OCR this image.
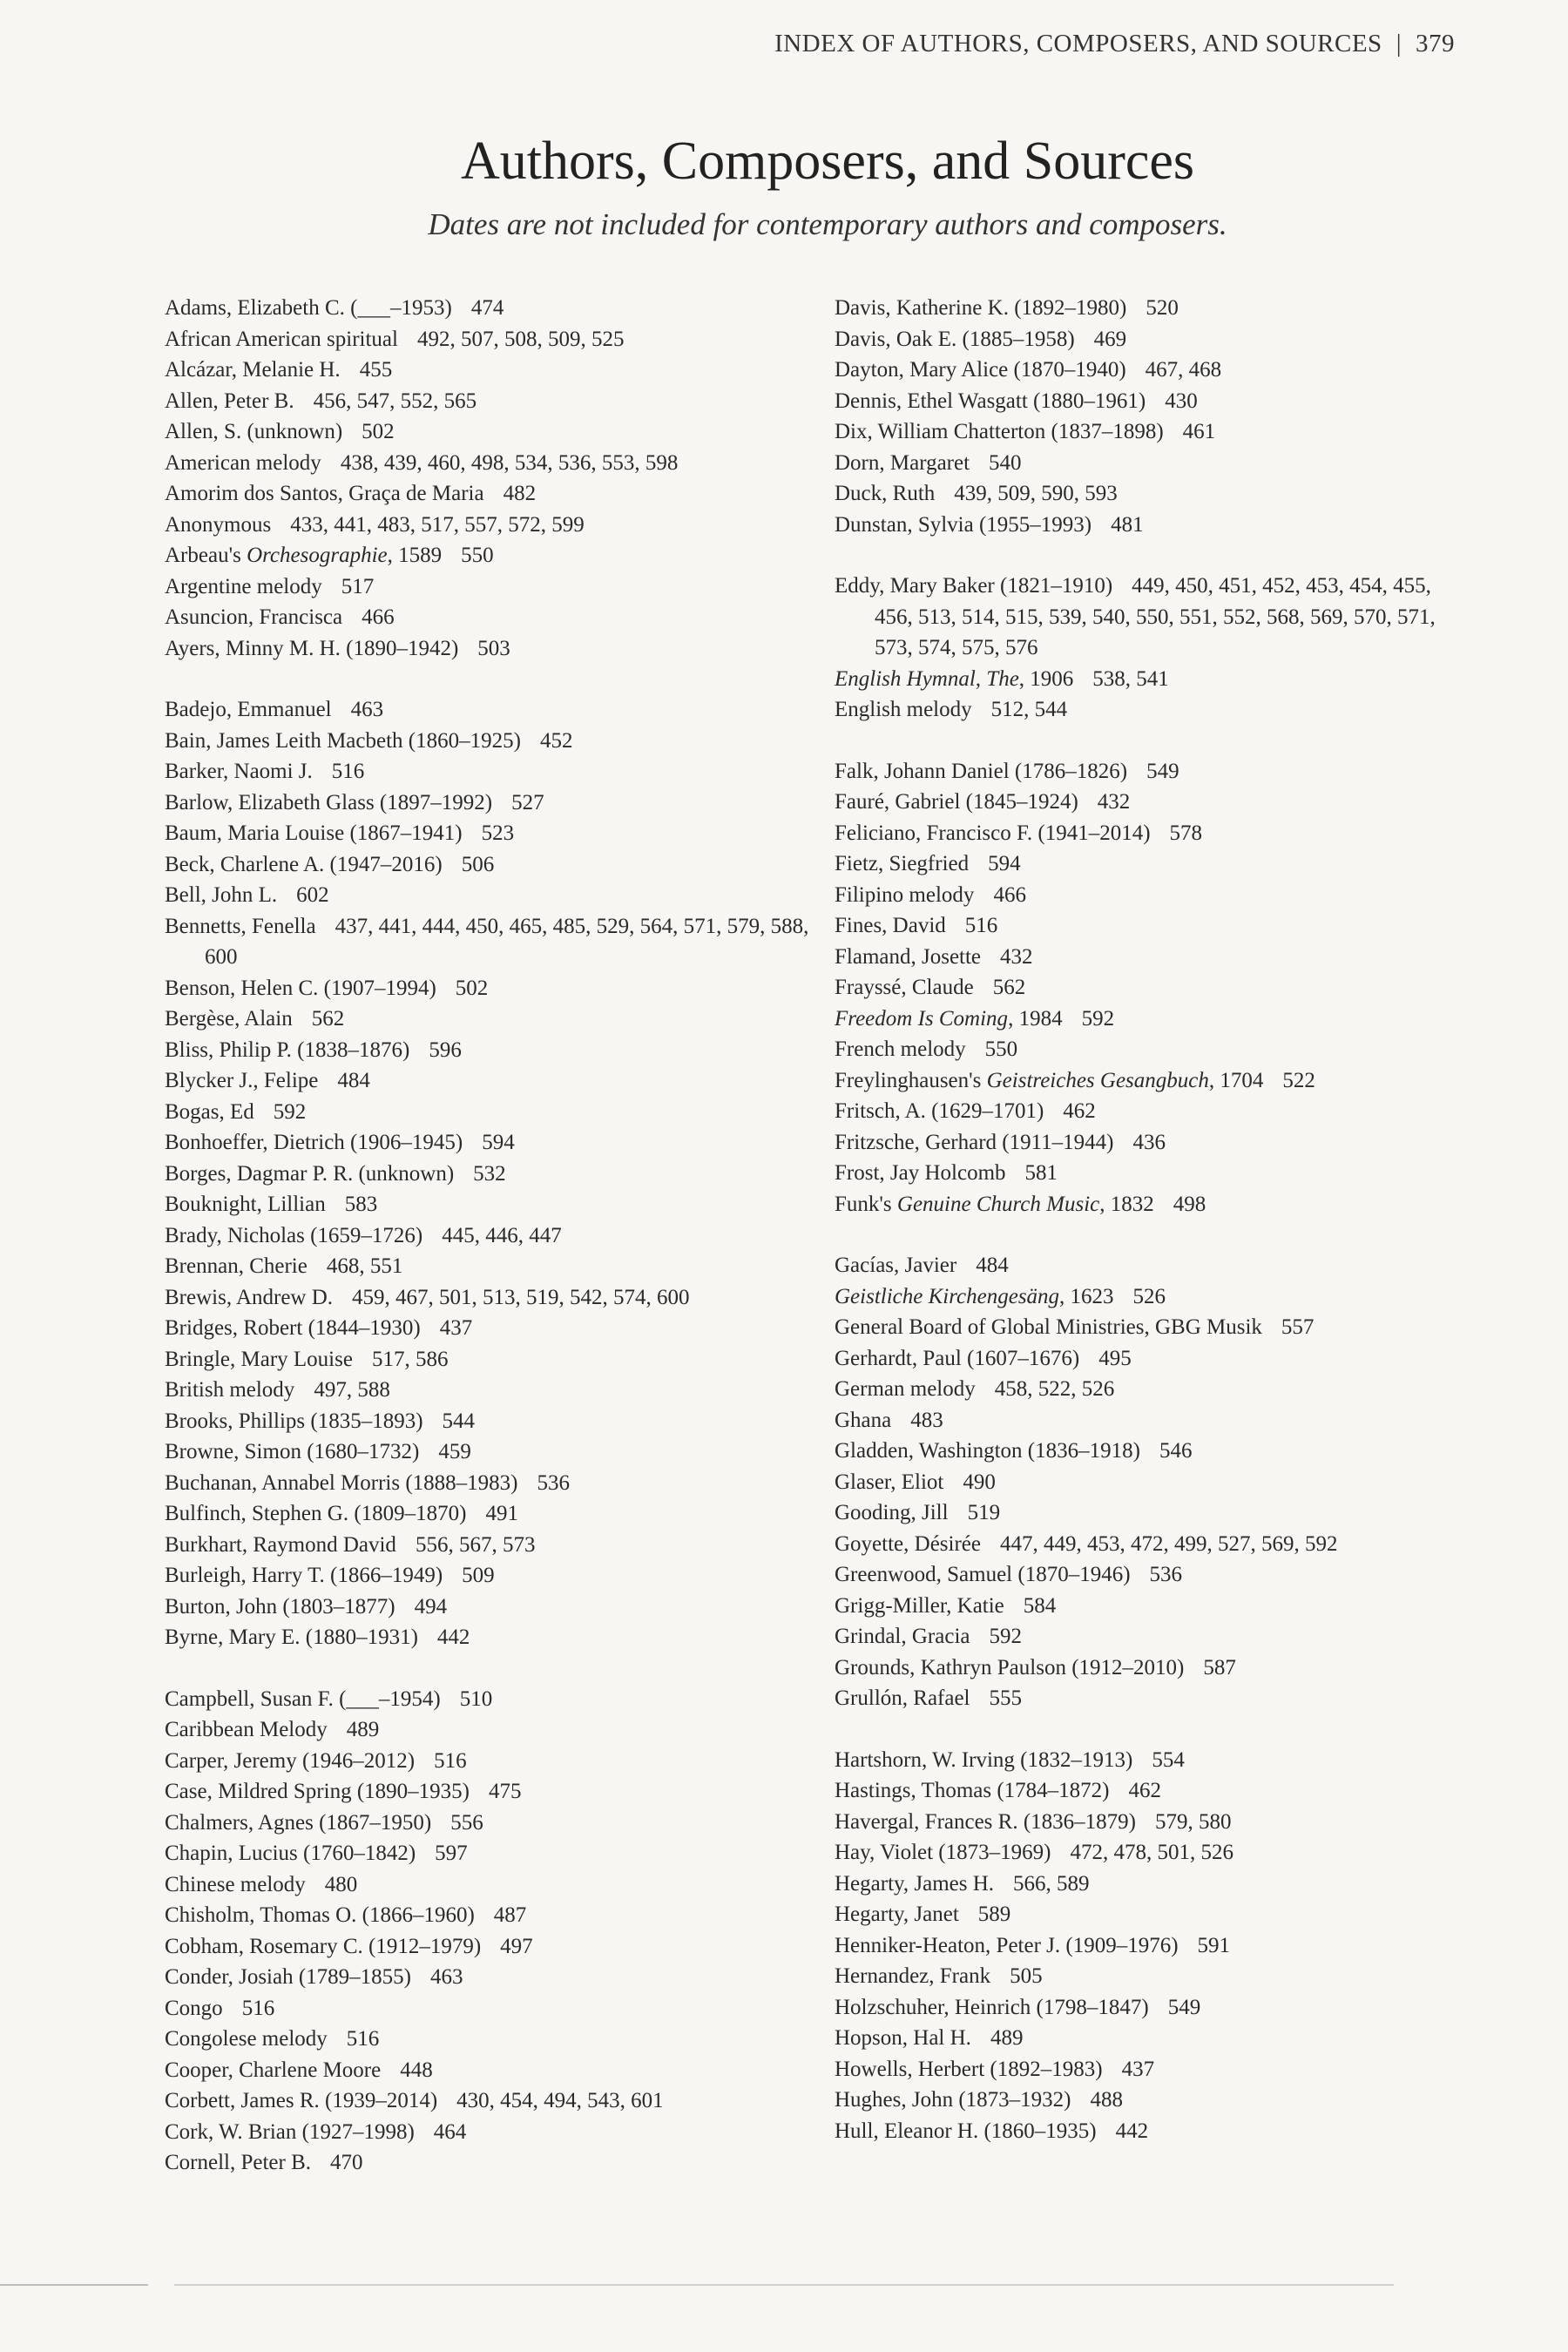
INDEX OF AUTHORS, COMPOSERS, AND SOURCES | 379
Authors, Composers, and Sources
Dates are not included for contemporary authors and composers.
Adams, Elizabeth C. (___–1953) 474
African American spiritual 492, 507, 508, 509, 525
Alcázar, Melanie H. 455
Allen, Peter B. 456, 547, 552, 565
Allen, S. (unknown) 502
American melody 438, 439, 460, 498, 534, 536, 553, 598
Amorim dos Santos, Graça de Maria 482
Anonymous 433, 441, 483, 517, 557, 572, 599
Arbeau's Orchesographie, 1589 550
Argentine melody 517
Asuncion, Francisca 466
Ayers, Minny M. H. (1890–1942) 503
Badejo, Emmanuel 463
Bain, James Leith Macbeth (1860–1925) 452
Barker, Naomi J. 516
Barlow, Elizabeth Glass (1897–1992) 527
Baum, Maria Louise (1867–1941) 523
Beck, Charlene A. (1947–2016) 506
Bell, John L. 602
Bennetts, Fenella 437, 441, 444, 450, 465, 485, 529, 564, 571, 579, 588, 600
Benson, Helen C. (1907–1994) 502
Bergèse, Alain 562
Bliss, Philip P. (1838–1876) 596
Blycker J., Felipe 484
Bogas, Ed 592
Bonhoeffer, Dietrich (1906–1945) 594
Borges, Dagmar P. R. (unknown) 532
Bouknight, Lillian 583
Brady, Nicholas (1659–1726) 445, 446, 447
Brennan, Cherie 468, 551
Brewis, Andrew D. 459, 467, 501, 513, 519, 542, 574, 600
Bridges, Robert (1844–1930) 437
Bringle, Mary Louise 517, 586
British melody 497, 588
Brooks, Phillips (1835–1893) 544
Browne, Simon (1680–1732) 459
Buchanan, Annabel Morris (1888–1983) 536
Bulfinch, Stephen G. (1809–1870) 491
Burkhart, Raymond David 556, 567, 573
Burleigh, Harry T. (1866–1949) 509
Burton, John (1803–1877) 494
Byrne, Mary E. (1880–1931) 442
Campbell, Susan F. (___–1954) 510
Caribbean Melody 489
Carper, Jeremy (1946–2012) 516
Case, Mildred Spring (1890–1935) 475
Chalmers, Agnes (1867–1950) 556
Chapin, Lucius (1760–1842) 597
Chinese melody 480
Chisholm, Thomas O. (1866–1960) 487
Cobham, Rosemary C. (1912–1979) 497
Conder, Josiah (1789–1855) 463
Congo 516
Congolese melody 516
Cooper, Charlene Moore 448
Corbett, James R. (1939–2014) 430, 454, 494, 543, 601
Cork, W. Brian (1927–1998) 464
Cornell, Peter B. 470
Davis, Katherine K. (1892–1980) 520
Davis, Oak E. (1885–1958) 469
Dayton, Mary Alice (1870–1940) 467, 468
Dennis, Ethel Wasgatt (1880–1961) 430
Dix, William Chatterton (1837–1898) 461
Dorn, Margaret 540
Duck, Ruth 439, 509, 590, 593
Dunstan, Sylvia (1955–1993) 481
Eddy, Mary Baker (1821–1910) 449, 450, 451, 452, 453, 454, 455, 456, 513, 514, 515, 539, 540, 550, 551, 552, 568, 569, 570, 571, 573, 574, 575, 576
English Hymnal, The, 1906 538, 541
English melody 512, 544
Falk, Johann Daniel (1786–1826) 549
Fauré, Gabriel (1845–1924) 432
Feliciano, Francisco F. (1941–2014) 578
Fietz, Siegfried 594
Filipino melody 466
Fines, David 516
Flamand, Josette 432
Frayssé, Claude 562
Freedom Is Coming, 1984 592
French melody 550
Freylinghausen's Geistreiches Gesangbuch, 1704 522
Fritsch, A. (1629–1701) 462
Fritzsche, Gerhard (1911–1944) 436
Frost, Jay Holcomb 581
Funk's Genuine Church Music, 1832 498
Gacías, Javier 484
Geistliche Kirchengesäng, 1623 526
General Board of Global Ministries, GBG Musik 557
Gerhardt, Paul (1607–1676) 495
German melody 458, 522, 526
Ghana 483
Gladden, Washington (1836–1918) 546
Glaser, Eliot 490
Gooding, Jill 519
Goyette, Désirée 447, 449, 453, 472, 499, 527, 569, 592
Greenwood, Samuel (1870–1946) 536
Grigg-Miller, Katie 584
Grindal, Gracia 592
Grounds, Kathryn Paulson (1912–2010) 587
Grullón, Rafael 555
Hartshorn, W. Irving (1832–1913) 554
Hastings, Thomas (1784–1872) 462
Havergal, Frances R. (1836–1879) 579, 580
Hay, Violet (1873–1969) 472, 478, 501, 526
Hegarty, James H. 566, 589
Hegarty, Janet 589
Henniker-Heaton, Peter J. (1909–1976) 591
Hernandez, Frank 505
Holzschuher, Heinrich (1798–1847) 549
Hopson, Hal H. 489
Howells, Herbert (1892–1983) 437
Hughes, John (1873–1932) 488
Hull, Eleanor H. (1860–1935) 442
